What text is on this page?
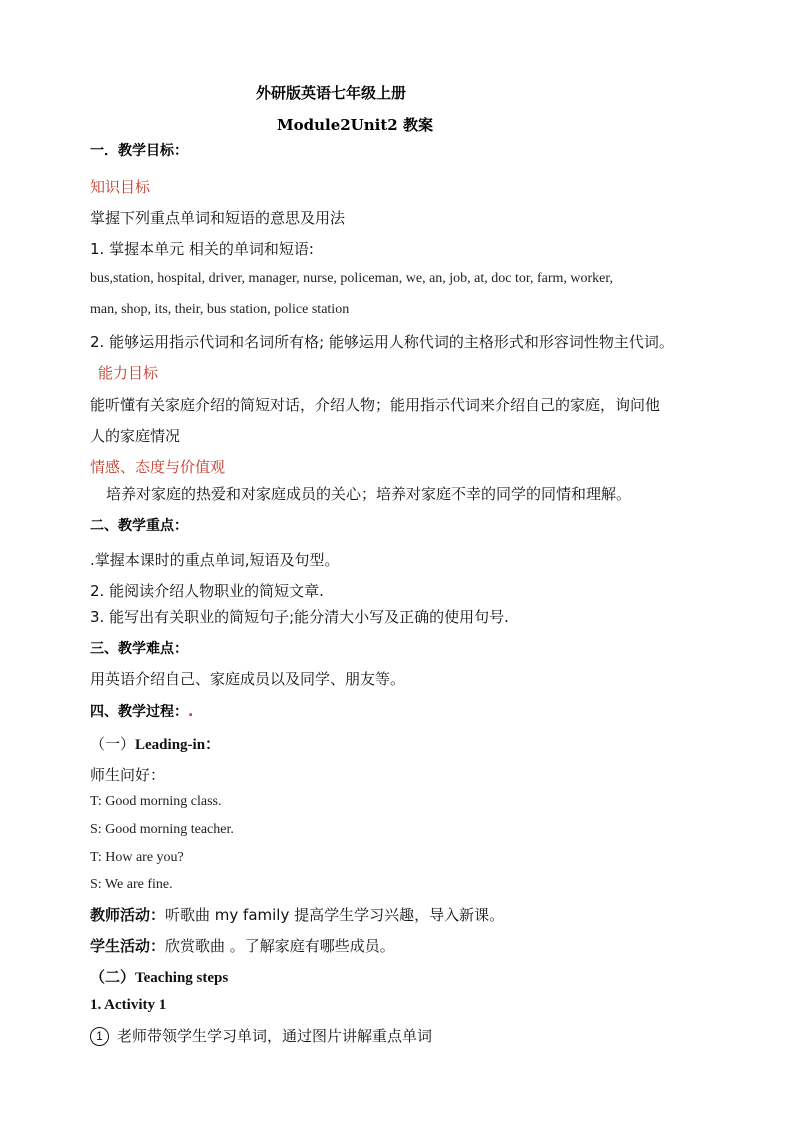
外研版英语七年级上册
Module2Unit2 教案
一．教学目标：
知识目标
掌握下列重点单词和短语的意思及用法
1. 掌握本单元 相关的单词和短语:
bus,station, hospital, driver, manager, nurse, policeman, we, an, job, at, doc tor, farm, worker,
man, shop, its, their, bus station, police station
2. 能够运用指示代词和名词所有格; 能够运用人称代词的主格形式和形容词性物主代词。
能力目标
能听懂有关家庭介绍的简短对话，介绍人物；能用指示代词来介绍自己的家庭，询问他
人的家庭情况
情感、态度与价值观
培养对家庭的热爱和对家庭成员的关心；培养对家庭不幸的同学的同情和理解。
二、教学重点：
.掌握本课时的重点单词,短语及句型。
2. 能阅读介绍人物职业的简短文章.
3. 能写出有关职业的简短句子;能分清大小写及正确的使用句号.
三、教学难点：
用英语介绍自己、家庭成员以及同学、朋友等。
四、教学过程：.
（一）Leading-in：
师生问好：
T: Good morning class.
S: Good morning teacher.
T: How are you?
S: We are fine.
教师活动：听歌曲 my family 提高学生学习兴趣，导入新课。
学生活动：欣赏歌曲 。了解家庭有哪些成员。
（二）Teaching steps
1. Activity 1
1 老师带领学生学习单词，通过图片讲解重点单词
